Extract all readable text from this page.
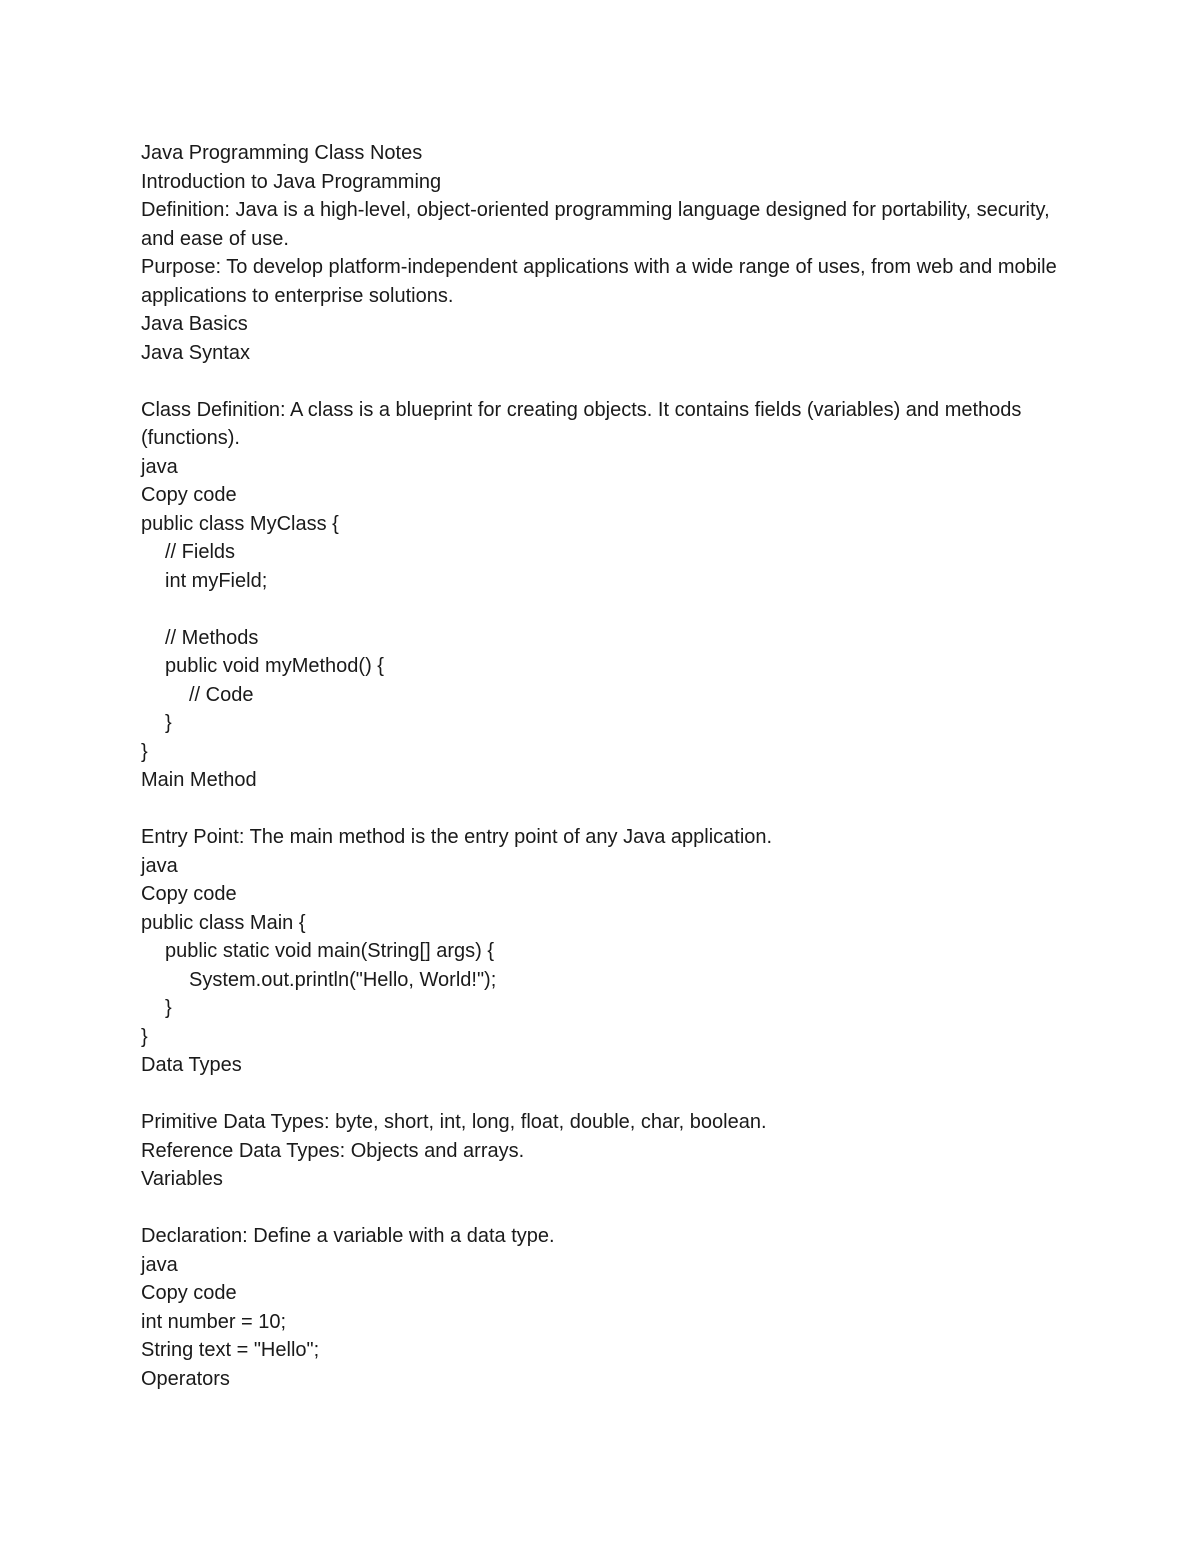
Java Programming Class Notes
Introduction to Java Programming
Definition: Java is a high-level, object-oriented programming language designed for portability, security, and ease of use.
Purpose: To develop platform-independent applications with a wide range of uses, from web and mobile applications to enterprise solutions.
Java Basics
Java Syntax
Class Definition: A class is a blueprint for creating objects. It contains fields (variables) and methods (functions).
java
Copy code
public class MyClass {
// Fields
int myField;
// Methods
public void myMethod() {
// Code
}
}
Main Method
Entry Point: The main method is the entry point of any Java application.
java
Copy code
public class Main {
public static void main(String[] args) {
System.out.println("Hello, World!");
}
}
Data Types
Primitive Data Types: byte, short, int, long, float, double, char, boolean.
Reference Data Types: Objects and arrays.
Variables
Declaration: Define a variable with a data type.
java
Copy code
int number = 10;
String text = "Hello";
Operators
